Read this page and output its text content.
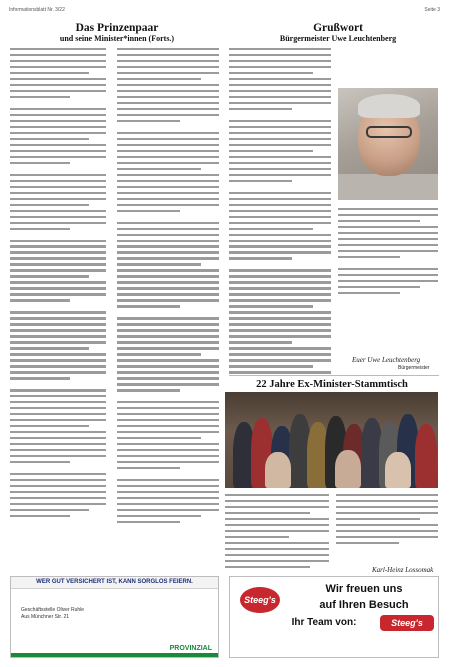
Informationsblatt Nr. 3/22	Seite 3
Das Prinzenpaar
und seine Minister*innen (Forts.)
Grußwort
Bürgermeister Uwe Leuchtenberg
Euer Uwe Leuchtenberg
Bürgermeister
22 Jahre Ex-Minister-Stammtisch
Karl-Heinz Lossomak
WER GUT VERSICHERT IST, KANN SORGLOS FEIERN.
Geschäftsstelle Oliver Ruhle
Aus Münchner Str. 21
PROVINZIAL
Steeg's
Wir freuen uns
auf Ihren Besuch
Ihr Team von:	Steeg's
